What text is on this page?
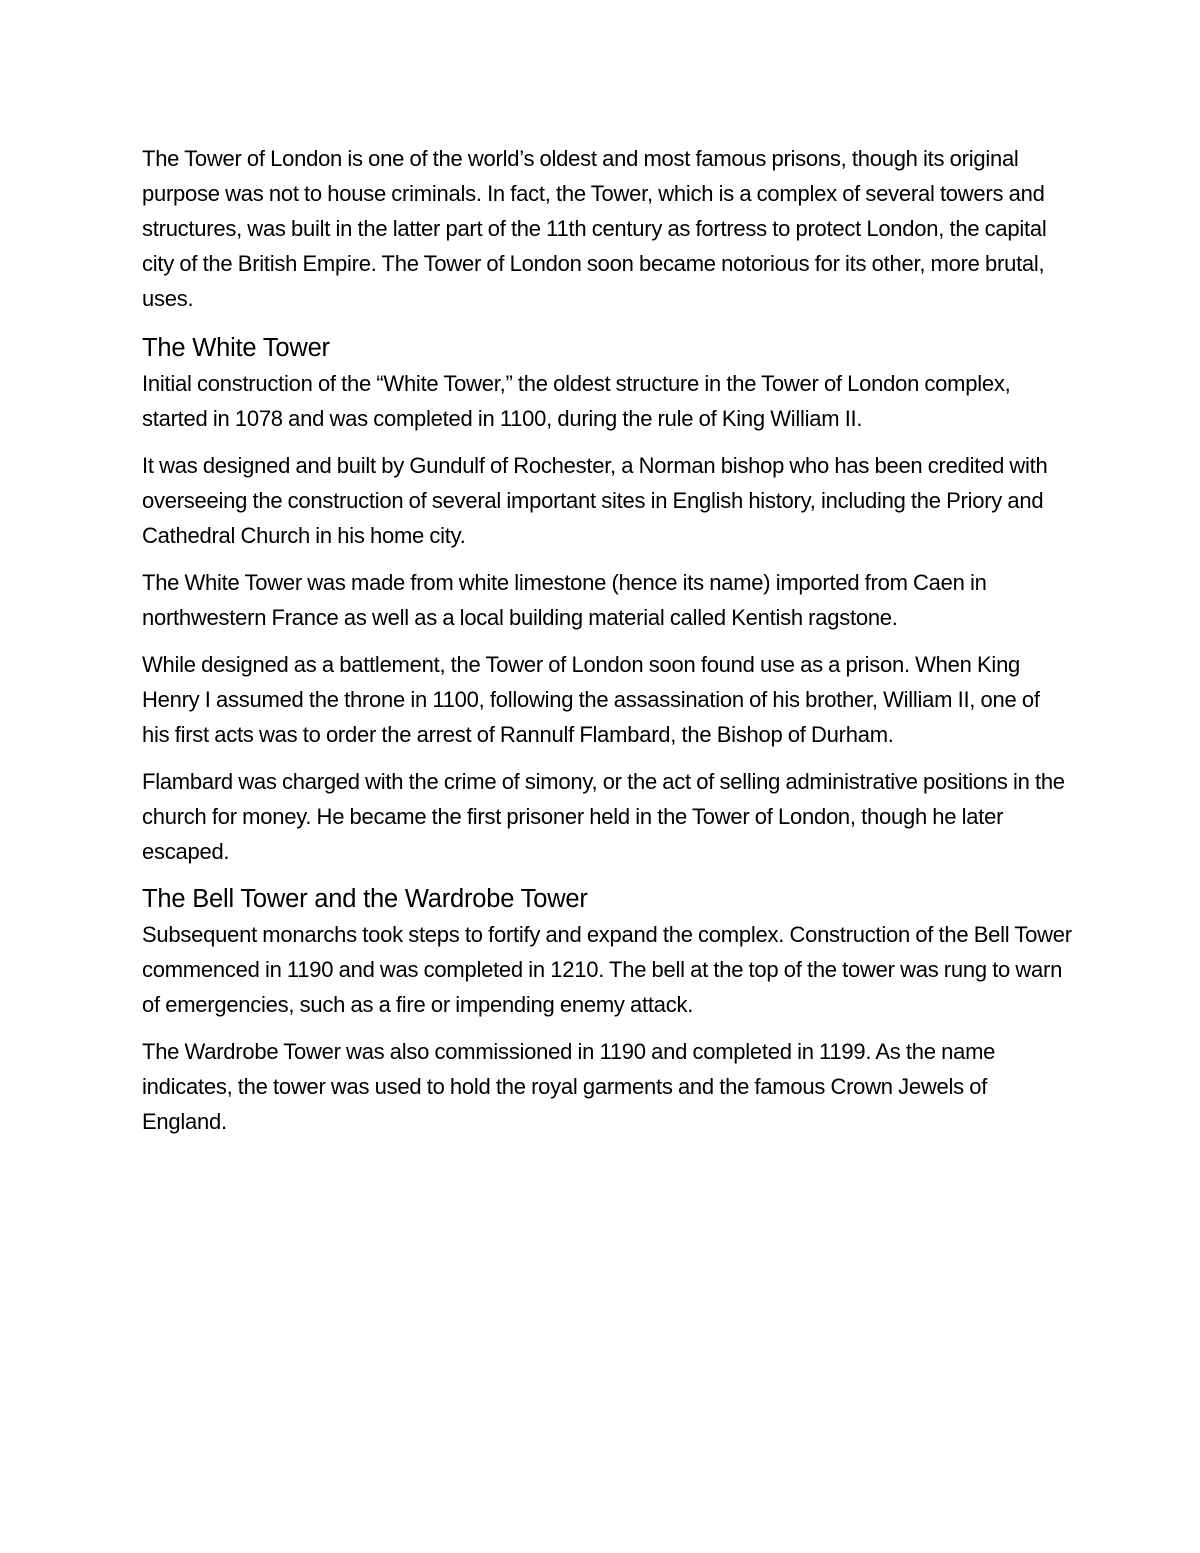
The Tower of London is one of the world’s oldest and most famous prisons, though its original purpose was not to house criminals. In fact, the Tower, which is a complex of several towers and structures, was built in the latter part of the 11th century as fortress to protect London, the capital city of the British Empire. The Tower of London soon became notorious for its other, more brutal, uses.

The White Tower

Initial construction of the “White Tower,” the oldest structure in the Tower of London complex, started in 1078 and was completed in 1100, during the rule of King William II.

It was designed and built by Gundulf of Rochester, a Norman bishop who has been credited with overseeing the construction of several important sites in English history, including the Priory and Cathedral Church in his home city.

The White Tower was made from white limestone (hence its name) imported from Caen in northwestern France as well as a local building material called Kentish ragstone.

While designed as a battlement, the Tower of London soon found use as a prison. When King Henry I assumed the throne in 1100, following the assassination of his brother, William II, one of his first acts was to order the arrest of Rannulf Flambard, the Bishop of Durham.

Flambard was charged with the crime of simony, or the act of selling administrative positions in the church for money. He became the first prisoner held in the Tower of London, though he later escaped.

The Bell Tower and the Wardrobe Tower

Subsequent monarchs took steps to fortify and expand the complex. Construction of the Bell Tower commenced in 1190 and was completed in 1210. The bell at the top of the tower was rung to warn of emergencies, such as a fire or impending enemy attack.

The Wardrobe Tower was also commissioned in 1190 and completed in 1199. As the name indicates, the tower was used to hold the royal garments and the famous Crown Jewels of England.
